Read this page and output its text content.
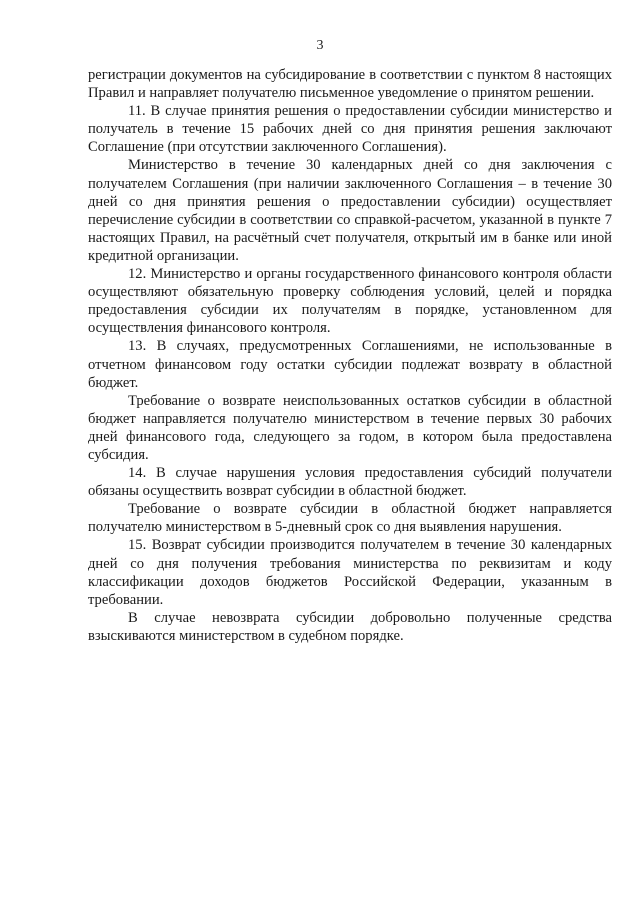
3

регистрации документов на субсидирование в соответствии с пунктом 8 настоящих Правил и направляет получателю письменное уведомление о принятом решении.

11. В случае принятия решения о предоставлении субсидии министерство и получатель в течение 15 рабочих дней со дня принятия решения заключают Соглашение (при отсутствии заключенного Соглашения).

Министерство в течение 30 календарных дней со дня заключения с получателем Соглашения (при наличии заключенного Соглашения – в течение 30 дней со дня принятия решения о предоставлении субсидии) осуществляет перечисление субсидии в соответствии со справкой-расчетом, указанной в пункте 7 настоящих Правил, на расчётный счет получателя, открытый им в банке или иной кредитной организации.

12. Министерство и органы государственного финансового контроля области осуществляют обязательную проверку соблюдения условий, целей и порядка предоставления субсидии их получателям в порядке, установленном для осуществления финансового контроля.

13. В случаях, предусмотренных Соглашениями, не использованные в отчетном финансовом году остатки субсидии подлежат возврату в областной бюджет.

Требование о возврате неиспользованных остатков субсидии в областной бюджет направляется получателю министерством в течение первых 30 рабочих дней финансового года, следующего за годом, в котором была предоставлена субсидия.

14. В случае нарушения условия предоставления субсидий получатели обязаны осуществить возврат субсидии в областной бюджет.

Требование о возврате субсидии в областной бюджет направляется получателю министерством в 5-дневный срок со дня выявления нарушения.

15. Возврат субсидии производится получателем в течение 30 календарных дней со дня получения требования министерства по реквизитам и коду классификации доходов бюджетов Российской Федерации, указанным в требовании.

В случае невозврата субсидии добровольно полученные средства взыскиваются министерством в судебном порядке.
